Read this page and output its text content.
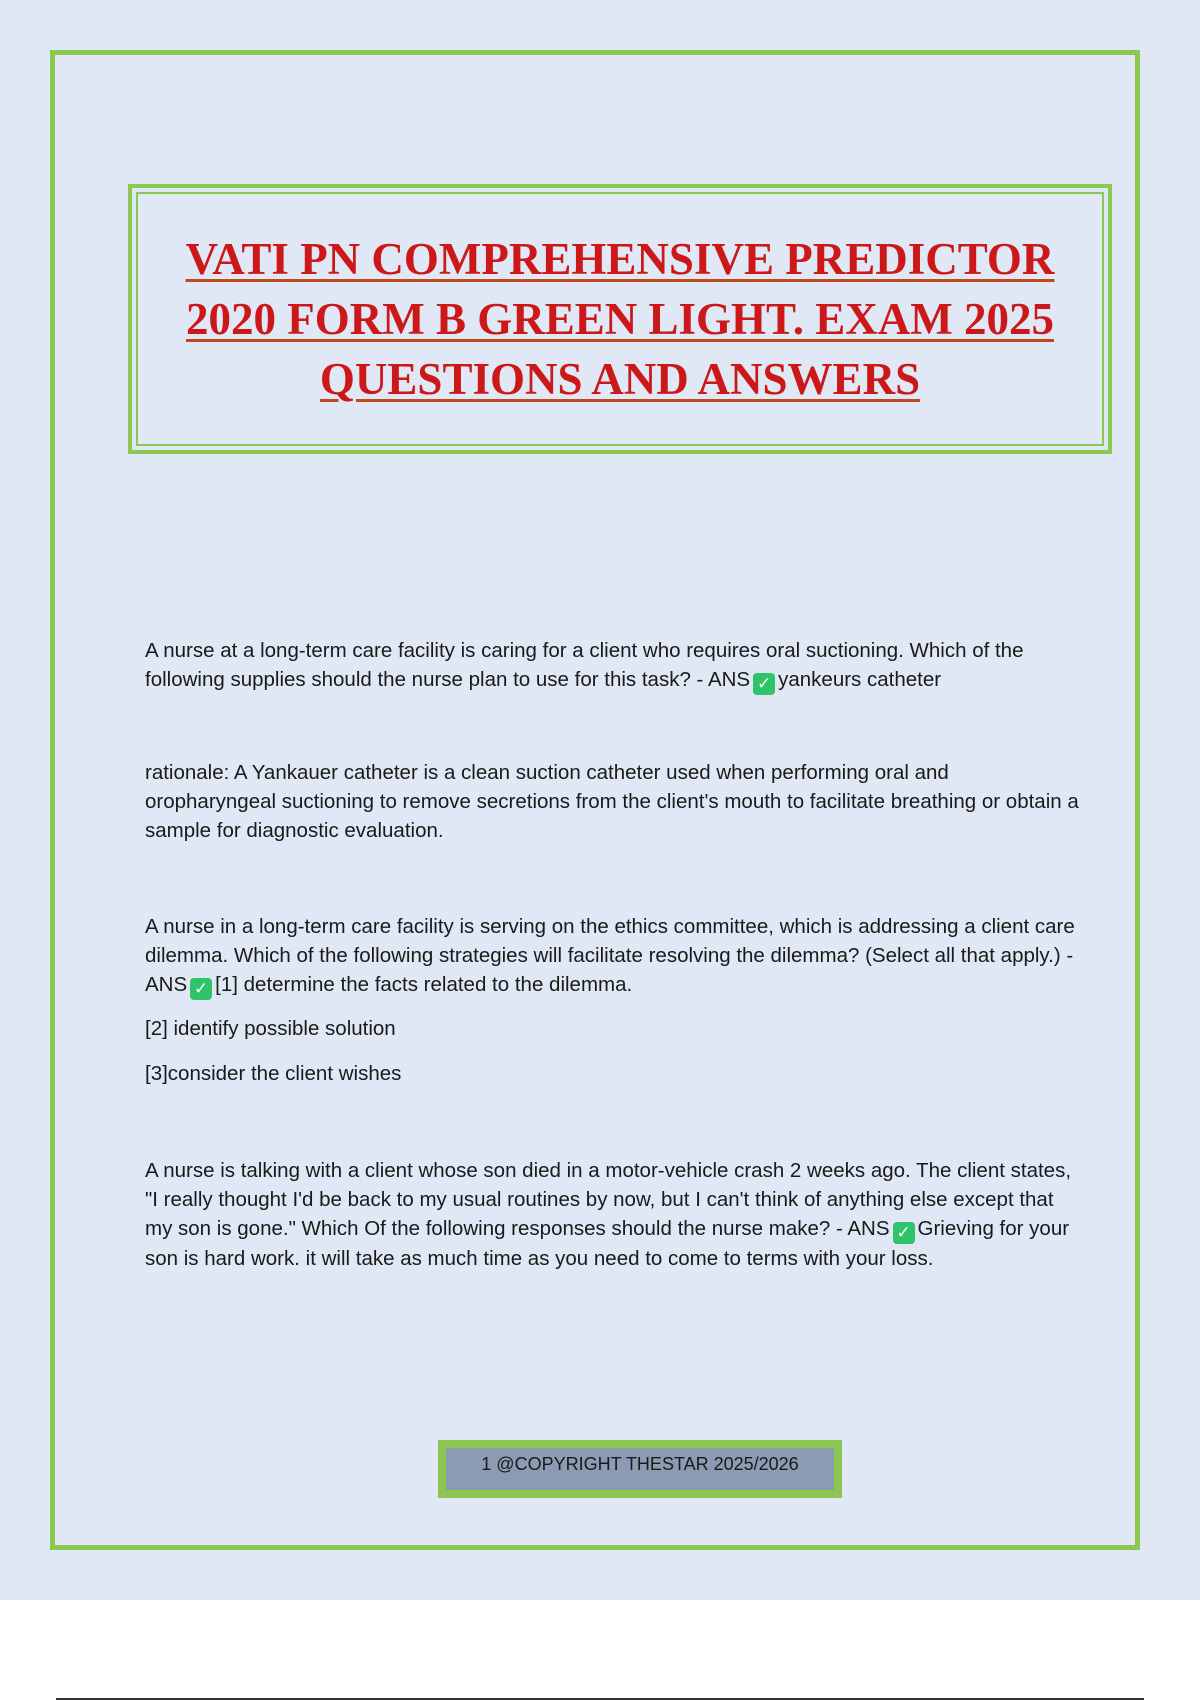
VATI PN COMPREHENSIVE PREDICTOR 2020 FORM B GREEN LIGHT. EXAM 2025 QUESTIONS AND ANSWERS

A nurse at a long-term care facility is caring for a client who requires oral suctioning. Which of the following supplies should the nurse plan to use for this task? - ANS ✓ yankeurs catheter

rationale: A Yankauer catheter is a clean suction catheter used when performing oral and oropharyngeal suctioning to remove secretions from the client's mouth to facilitate breathing or obtain a sample for diagnostic evaluation.

A nurse in a long-term care facility is serving on the ethics committee, which is addressing a client care dilemma. Which of the following strategies will facilitate resolving the dilemma? (Select all that apply.) - ANS ✓ [1] determine the facts related to the dilemma.

[2] identify possible solution

[3]consider the client wishes

A nurse is talking with a client whose son died in a motor-vehicle crash 2 weeks ago. The client states, "I really thought I'd be back to my usual routines by now, but I can't think of anything else except that my son is gone." Which Of the following responses should the nurse make? - ANS ✓ Grieving for your son is hard work. it will take as much time as you need to come to terms with your loss.

1 @COPYRIGHT THESTAR 2025/2026
